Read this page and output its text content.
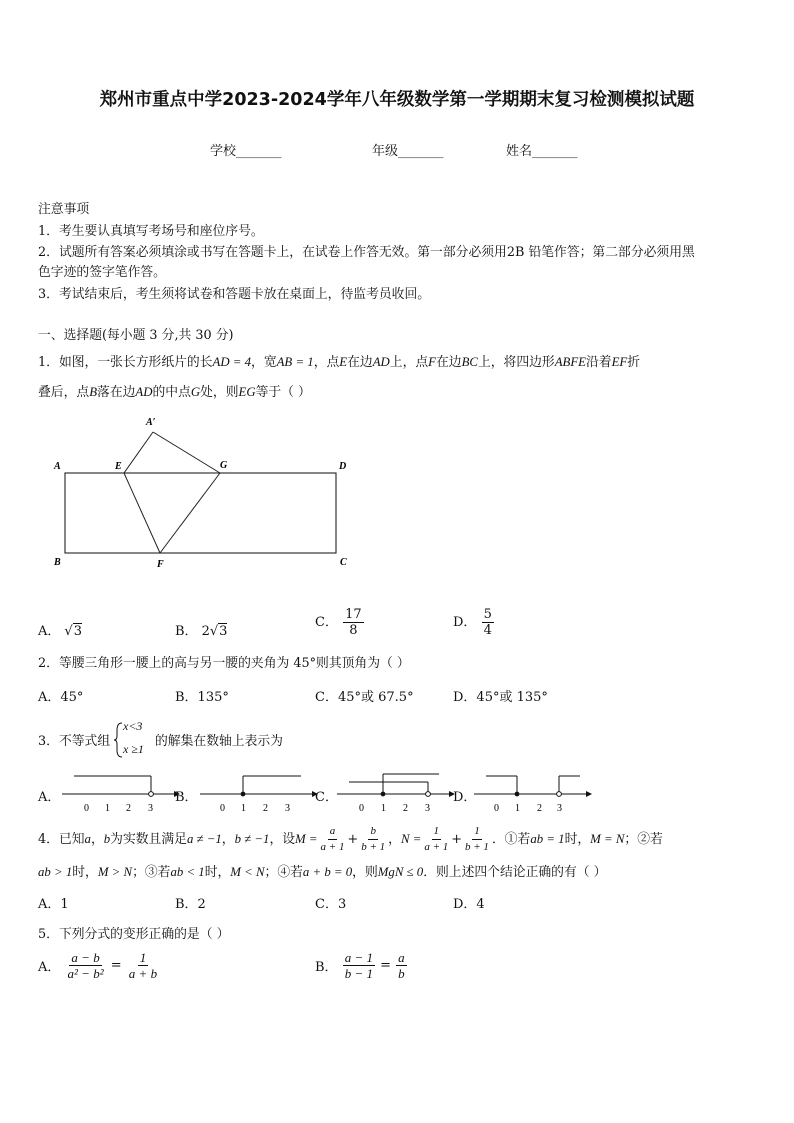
郑州市重点中学2023-2024学年八年级数学第一学期期末复习检测模拟试题
学校_______	年级_______	姓名_______
注意事项
1．考生要认真填写考场号和座位序号。
2．试题所有答案必须填涂或书写在答题卡上，在试卷上作答无效。第一部分必须用2B 铅笔作答；第二部分必须用黑
色字迹的签字笔作答。
3．考试结束后，考生须将试卷和答题卡放在桌面上，待监考员收回。
一、选择题(每小题 3 分,共 30 分)
1．如图，一张长方形纸片的长AD = 4，宽AB = 1，点E在边AD上，点F在边BC上，将四边形ABFE沿着EF折
叠后，点B落在边AD的中点G处，则EG等于（ ）
A	E	G	D
B	F	C
A′
A． √3	B． 2√3
C． $\frac{17}{8}$	D． $\frac{5}{4}$
2．等腰三角形一腰上的高与另一腰的夹角为 45°则其顶角为（ ）
A．45°	B．135°	C．45°或 67.5°	D．45°或 135°
3．不等式组
x<3
x ≥1 的解集在数轴上表示为
A．
0 1 2 3
B．
0 1 2 3
C．
0 1 2 3
D．
0 1 2 3
4．已知a，b为实数且满足a ≠ −1，b ≠ −1，设$M = \frac{a}{a + 1} + \frac{b}{b + 1}$ ，$N = \frac{1}{a + 1} + \frac{1}{b + 1}$ ．①若ab = 1时，M = N；②若
ab > 1时，M > N；③若ab < 1时，M < N；④若a + b = 0，则MgN ≤ 0．则上述四个结论正确的有（ ）
A．1	B．2	C．3	D．4
5．下列分式的变形正确的是（ ）
A． $\frac{a - b}{\text{a² − b²}} = \frac{1}{a + b}$	B． $\frac{a - 1}{b - 1} = \frac{a}{b}$
